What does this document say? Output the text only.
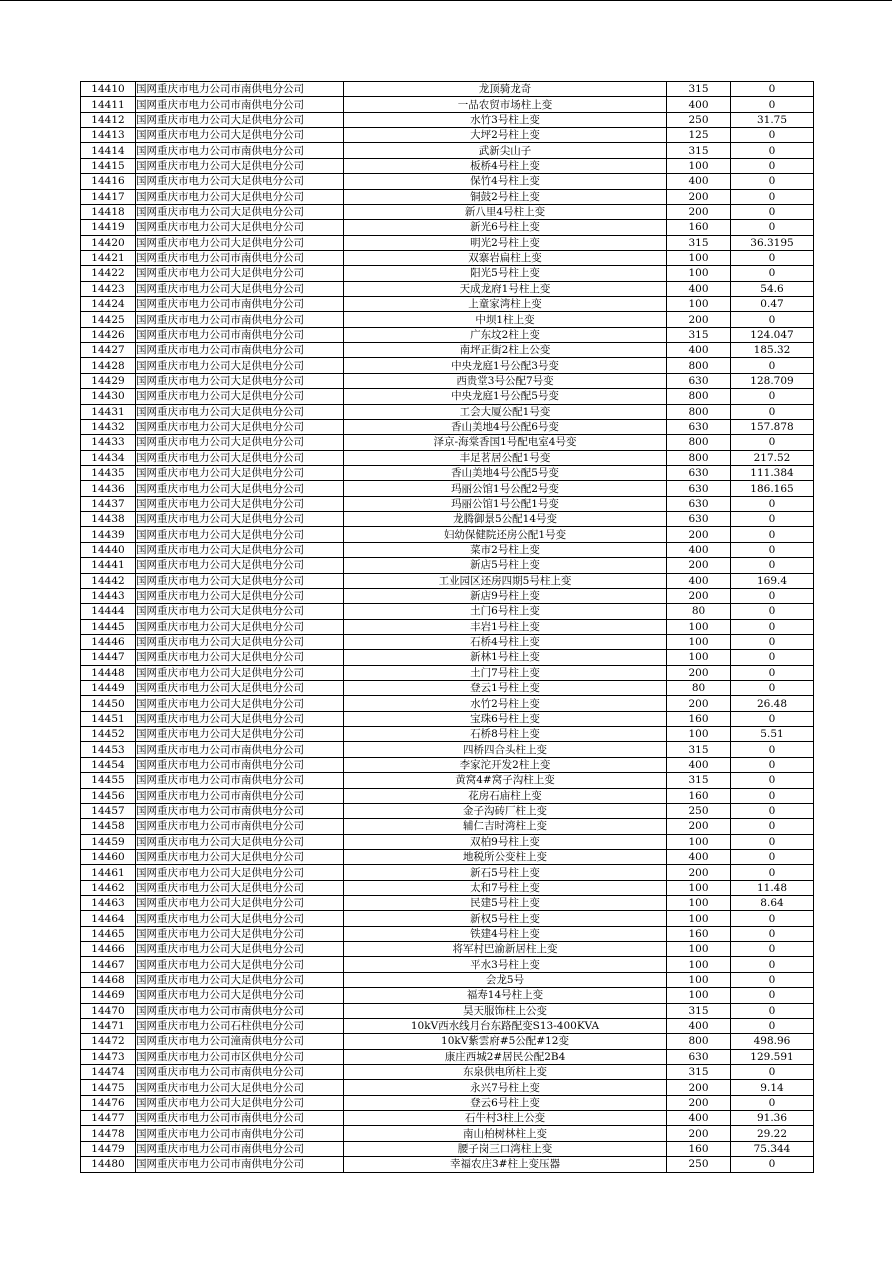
14410	国网重庆市电力公司市南供电分公司	龙顶骑龙奇	315	0
14411	国网重庆市电力公司市南供电分公司	一品农贸市场柱上变	400	0
14412	国网重庆市电力公司大足供电分公司	水竹3号柱上变	250	31.75
14413	国网重庆市电力公司大足供电分公司	大坪2号柱上变	125	0
14414	国网重庆市电力公司市南供电分公司	武新尖山子	315	0
14415	国网重庆市电力公司大足供电分公司	板桥4号柱上变	100	0
14416	国网重庆市电力公司大足供电分公司	保竹4号柱上变	400	0
14417	国网重庆市电力公司大足供电分公司	铜鼓2号柱上变	200	0
14418	国网重庆市电力公司大足供电分公司	新八里4号柱上变	200	0
14419	国网重庆市电力公司大足供电分公司	新光6号柱上变	160	0
14420	国网重庆市电力公司大足供电分公司	明光2号柱上变	315	36.3195
14421	国网重庆市电力公司市南供电分公司	双寨岩扁柱上变	100	0
14422	国网重庆市电力公司大足供电分公司	阳光5号柱上变	100	0
14423	国网重庆市电力公司大足供电分公司	天成龙府1号柱上变	400	54.6
14424	国网重庆市电力公司市南供电分公司	上童家湾柱上变	100	0.47
14425	国网重庆市电力公司市南供电分公司	中坝1柱上变	200	0
14426	国网重庆市电力公司市南供电分公司	广东坟2柱上变	315	124.047
14427	国网重庆市电力公司市南供电分公司	南坪正街2柱上公变	400	185.32
14428	国网重庆市电力公司大足供电分公司	中央龙庭1号公配3号变	800	0
14429	国网重庆市电力公司大足供电分公司	西贵堂3号公配7号变	630	128.709
14430	国网重庆市电力公司大足供电分公司	中央龙庭1号公配5号变	800	0
14431	国网重庆市电力公司大足供电分公司	工会大厦公配1号变	800	0
14432	国网重庆市电力公司大足供电分公司	香山美地4号公配6号变	630	157.878
14433	国网重庆市电力公司大足供电分公司	泽京-海棠香国1号配电室4号变	800	0
14434	国网重庆市电力公司大足供电分公司	丰足茗居公配1号变	800	217.52
14435	国网重庆市电力公司大足供电分公司	香山美地4号公配5号变	630	111.384
14436	国网重庆市电力公司大足供电分公司	玛丽公馆1号公配2号变	630	186.165
14437	国网重庆市电力公司大足供电分公司	玛丽公馆1号公配1号变	630	0
14438	国网重庆市电力公司大足供电分公司	龙腾御景5公配14号变	630	0
14439	国网重庆市电力公司大足供电分公司	妇幼保健院还房公配1号变	200	0
14440	国网重庆市电力公司大足供电分公司	菜市2号柱上变	400	0
14441	国网重庆市电力公司大足供电分公司	新店5号柱上变	200	0
14442	国网重庆市电力公司大足供电分公司	工业园区还房四期5号柱上变	400	169.4
14443	国网重庆市电力公司大足供电分公司	新店9号柱上变	200	0
14444	国网重庆市电力公司大足供电分公司	土门6号柱上变	80	0
14445	国网重庆市电力公司大足供电分公司	丰岩1号柱上变	100	0
14446	国网重庆市电力公司大足供电分公司	石桥4号柱上变	100	0
14447	国网重庆市电力公司大足供电分公司	新林1号柱上变	100	0
14448	国网重庆市电力公司大足供电分公司	土门7号柱上变	200	0
14449	国网重庆市电力公司大足供电分公司	登云1号柱上变	80	0
14450	国网重庆市电力公司大足供电分公司	水竹2号柱上变	200	26.48
14451	国网重庆市电力公司大足供电分公司	宝珠6号柱上变	160	0
14452	国网重庆市电力公司大足供电分公司	石桥8号柱上变	100	5.51
14453	国网重庆市电力公司市南供电分公司	四桥四合头柱上变	315	0
14454	国网重庆市电力公司市南供电分公司	李家沱开发2柱上变	400	0
14455	国网重庆市电力公司市南供电分公司	黄窝4#窝子沟柱上变	315	0
14456	国网重庆市电力公司市南供电分公司	花房石庙柱上变	160	0
14457	国网重庆市电力公司市南供电分公司	金子沟砖厂柱上变	250	0
14458	国网重庆市电力公司市南供电分公司	辅仁吉时湾柱上变	200	0
14459	国网重庆市电力公司大足供电分公司	双柏9号柱上变	100	0
14460	国网重庆市电力公司大足供电分公司	地税所公变柱上变	400	0
14461	国网重庆市电力公司大足供电分公司	新石5号柱上变	200	0
14462	国网重庆市电力公司大足供电分公司	太和7号柱上变	100	11.48
14463	国网重庆市电力公司大足供电分公司	民建5号柱上变	100	8.64
14464	国网重庆市电力公司大足供电分公司	新权5号柱上变	100	0
14465	国网重庆市电力公司大足供电分公司	铁建4号柱上变	160	0
14466	国网重庆市电力公司大足供电分公司	将军村巴渝新居柱上变	100	0
14467	国网重庆市电力公司大足供电分公司	平水3号柱上变	100	0
14468	国网重庆市电力公司大足供电分公司	会龙5号	100	0
14469	国网重庆市电力公司大足供电分公司	福寿14号柱上变	100	0
14470	国网重庆市电力公司市南供电分公司	昊天服饰柱上公变	315	0
14471	国网重庆市电力公司石柱供电分公司	10kV西水线月台东路配变S13-400KVA	400	0
14472	国网重庆市电力公司潼南供电分公司	10kV紫雲府#5公配#12变	800	498.96
14473	国网重庆市电力公司市区供电分公司	康庄西城2#居民公配2B4	630	129.591
14474	国网重庆市电力公司市南供电分公司	东泉供电所柱上变	315	0
14475	国网重庆市电力公司大足供电分公司	永兴7号柱上变	200	9.14
14476	国网重庆市电力公司大足供电分公司	登云6号柱上变	200	0
14477	国网重庆市电力公司市南供电分公司	石牛村3柱上公变	400	91.36
14478	国网重庆市电力公司市南供电分公司	南山柏树林柱上变	200	29.22
14479	国网重庆市电力公司市南供电分公司	腰子岗三口湾柱上变	160	75.344
14480	国网重庆市电力公司市南供电分公司	幸福农庄3#柱上变压器	250	0
